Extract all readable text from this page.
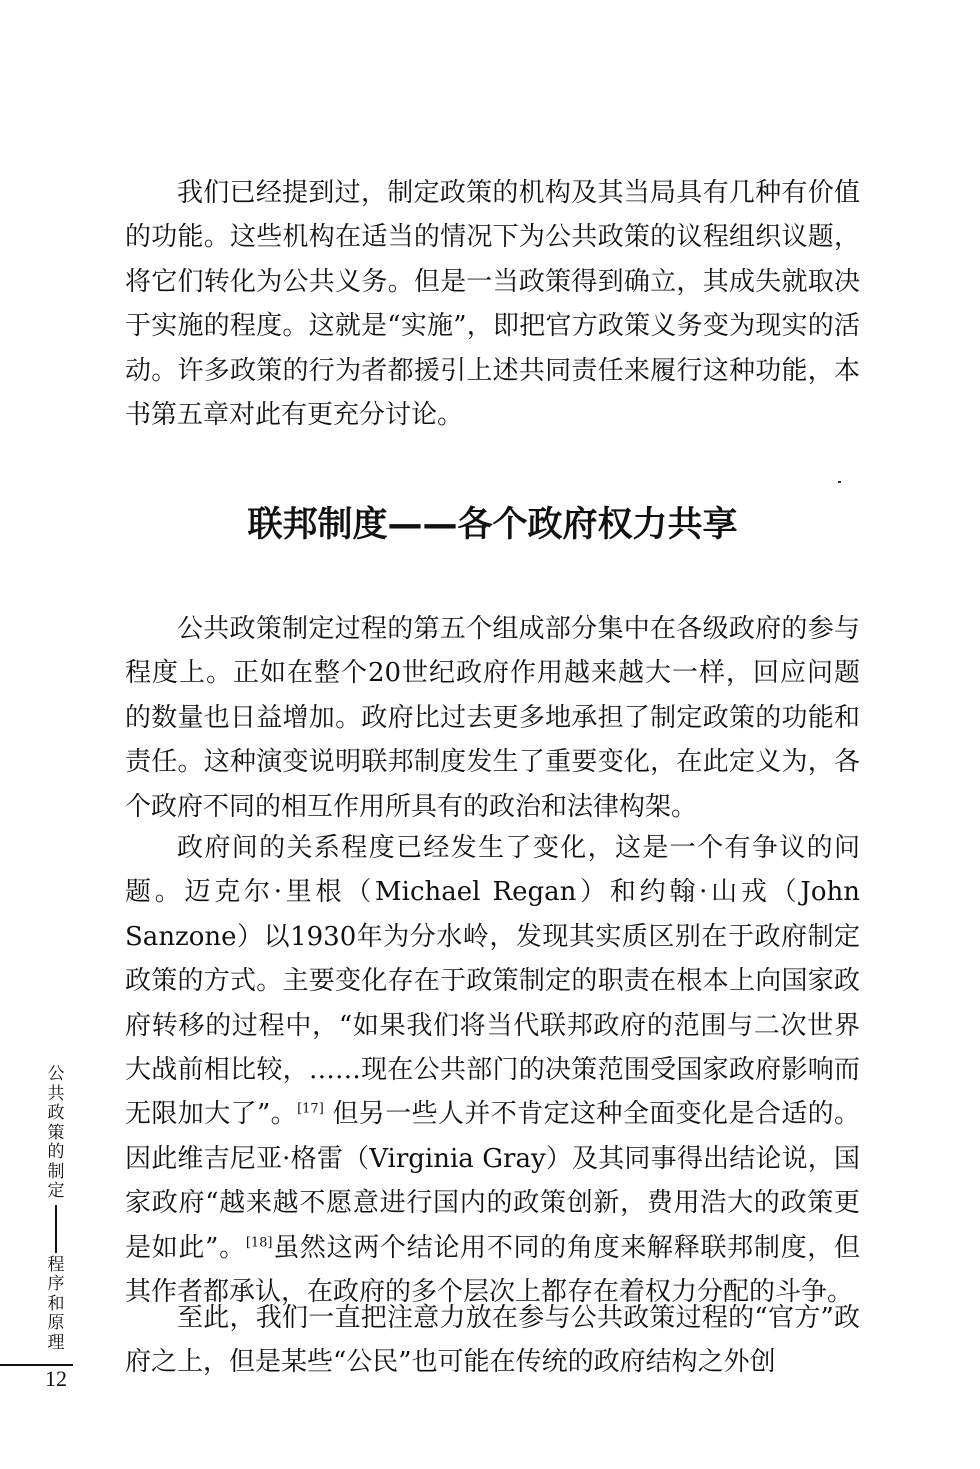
我们已经提到过，制定政策的机构及其当局具有几种有价值的功能。这些机构在适当的情况下为公共政策的议程组织议题，将它们转化为公共义务。但是一当政策得到确立，其成失就取决于实施的程度。这就是“实施”，即把官方政策义务变为现实的活动。许多政策的行为者都援引上述共同责任来履行这种功能，本书第五章对此有更充分讨论。

联邦制度——各个政府权力共享

公共政策制定过程的第五个组成部分集中在各级政府的参与程度上。正如在整个20世纪政府作用越来越大一样，回应问题的数量也日益增加。政府比过去更多地承担了制定政策的功能和责任。这种演变说明联邦制度发生了重要变化，在此定义为，各个政府不同的相互作用所具有的政治和法律构架。

政府间的关系程度已经发生了变化，这是一个有争议的问题。迈克尔·里根（Michael Regan）和约翰·山戎（John Sanzone）以1930年为分水岭，发现其实质区别在于政府制定政策的方式。主要变化存在于政策制定的职责在根本上向国家政府转移的过程中，“如果我们将当代联邦政府的范围与二次世界大战前相比较，……现在公共部门的决策范围受国家政府影响而无限加大了”。[17] 但另一些人并不肯定这种全面变化是合适的。因此维吉尼亚·格雷（Virginia Gray）及其同事得出结论说，国家政府“越来越不愿意进行国内的政策创新，费用浩大的政策更是如此”。[18]虽然这两个结论用不同的角度来解释联邦制度，但其作者都承认，在政府的多个层次上都存在着权力分配的斗争。

至此，我们一直把注意力放在参与公共政策过程的“官方”政府之上，但是某些“公民”也可能在传统的政府结构之外创

公
共
政
策
的
制
定
程
序
和
原
理
12
